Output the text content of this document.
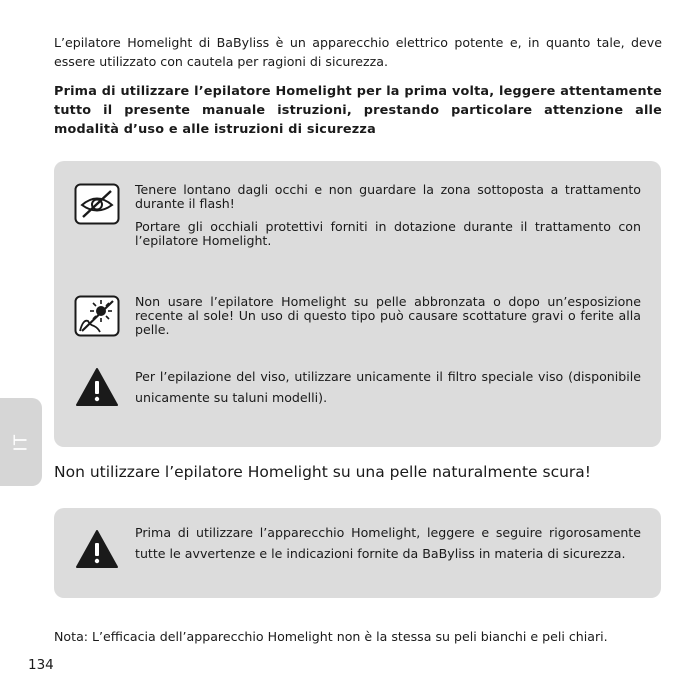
L’epilatore Homelight di BaByliss è un apparecchio elettrico potente e, in quanto tale, deve essere utilizzato con cautela per ragioni di sicurezza.

Prima di utilizzare l’epilatore Homelight per la prima volta, leggere attentamente tutto il presente manuale istruzioni, prestando particolare attenzione alle modalità d’uso e alle istruzioni di sicurezza

Tenere lontano dagli occhi e non guardare la zona sottoposta a trattamento durante il flash!

Portare gli occhiali protettivi forniti in dotazione durante il trattamento con l’epilatore Homelight.

Non usare l’epilatore Homelight su pelle abbronzata o dopo un’esposizione recente al sole! Un uso di questo tipo può causare scottature gravi o ferite alla pelle.

Per l’epilazione del viso, utilizzare unicamente il filtro speciale viso (disponibile unicamente su taluni modelli).

Non utilizzare l’epilatore Homelight su una pelle naturalmente scura!

Prima di utilizzare l’apparecchio Homelight, leggere e seguire rigorosamente tutte le avvertenze e le indicazioni fornite da BaByliss in materia di sicurezza.

Nota: L’efficacia dell’apparecchio Homelight non è la stessa su peli bianchi e peli chiari.

IT

134
